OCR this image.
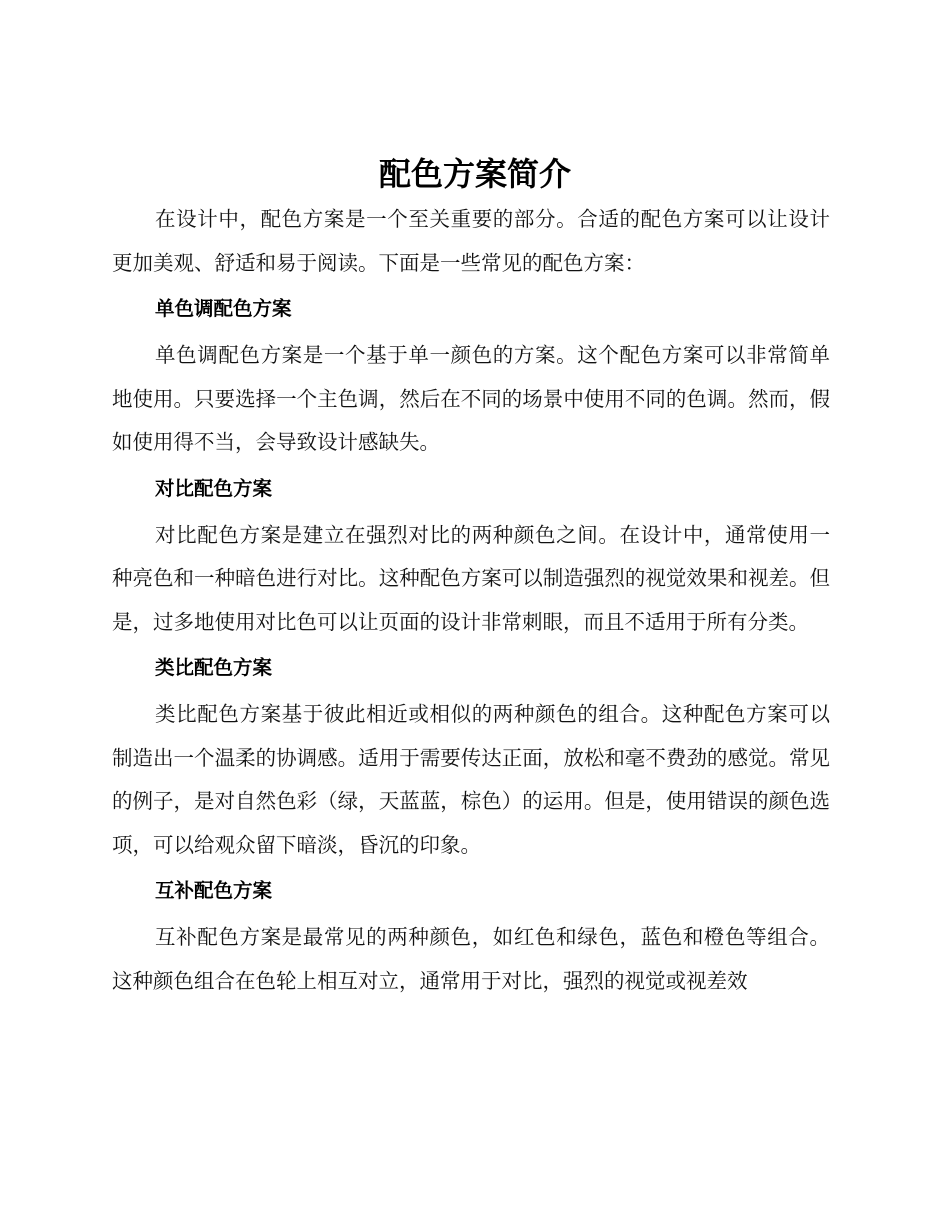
配色方案简介

在设计中，配色方案是一个至关重要的部分。合适的配色方案可以让设计更加美观、舒适和易于阅读。下面是一些常见的配色方案：

单色调配色方案

单色调配色方案是一个基于单一颜色的方案。这个配色方案可以非常简单地使用。只要选择一个主色调，然后在不同的场景中使用不同的色调。然而，假如使用得不当，会导致设计感缺失。

对比配色方案

对比配色方案是建立在强烈对比的两种颜色之间。在设计中，通常使用一种亮色和一种暗色进行对比。这种配色方案可以制造强烈的视觉效果和视差。但是，过多地使用对比色可以让页面的设计非常刺眼，而且不适用于所有分类。

类比配色方案

类比配色方案基于彼此相近或相似的两种颜色的组合。这种配色方案可以制造出一个温柔的协调感。适用于需要传达正面，放松和毫不费劲的感觉。常见的例子，是对自然色彩（绿，天蓝蓝，棕色）的运用。但是，使用错误的颜色选项，可以给观众留下暗淡，昏沉的印象。

互补配色方案

互补配色方案是最常见的两种颜色，如红色和绿色，蓝色和橙色等组合。这种颜色组合在色轮上相互对立，通常用于对比，强烈的视觉或视差效
